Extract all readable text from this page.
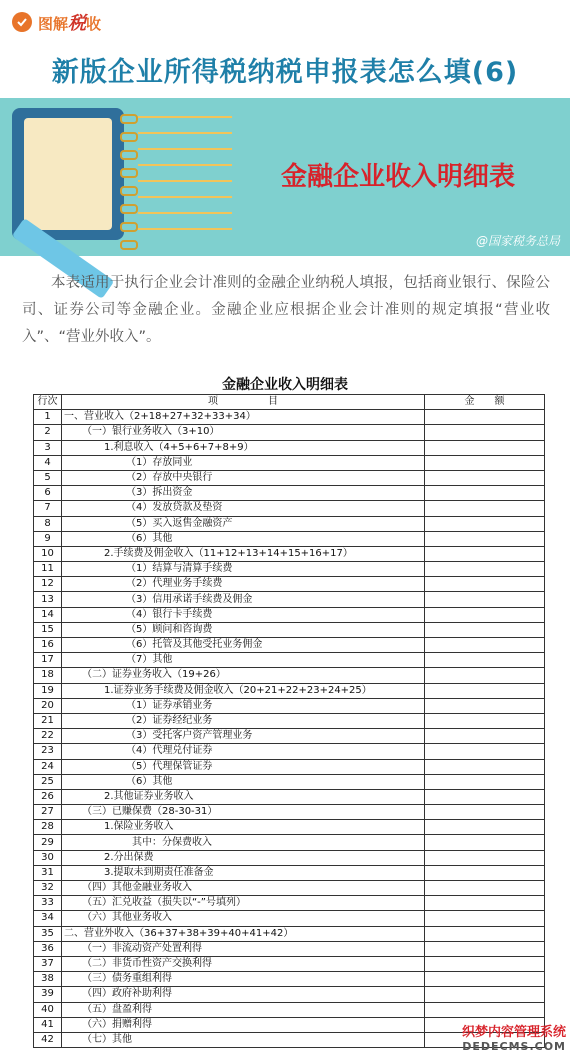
图解税收
新版企业所得税纳税申报表怎么填(6)
金融企业收入明细表
@国家税务总局
本表适用于执行企业会计准则的金融企业纳税人填报，包括商业银行、保险公司、证券公司等金融企业。金融企业应根据企业会计准则的规定填报“营业收入”、“营业外收入”。
金融企业收入明细表
行次	项　　　　　目	金　　额
1	一、营业收入（2+18+27+32+33+34）	
2	（一）银行业务收入（3+10）	
3	1.利息收入（4+5+6+7+8+9）	
4	（1）存放同业	
5	（2）存放中央银行	
6	（3）拆出资金	
7	（4）发放贷款及垫资	
8	（5）买入返售金融资产	
9	（6）其他	
10	2.手续费及佣金收入（11+12+13+14+15+16+17）	
11	（1）结算与清算手续费	
12	（2）代理业务手续费	
13	（3）信用承诺手续费及佣金	
14	（4）银行卡手续费	
15	（5）顾问和咨询费	
16	（6）托管及其他受托业务佣金	
17	（7）其他	
18	（二）证券业务收入（19+26）	
19	1.证券业务手续费及佣金收入（20+21+22+23+24+25）	
20	（1）证券承销业务	
21	（2）证券经纪业务	
22	（3）受托客户资产管理业务	
23	（4）代理兑付证券	
24	（5）代理保管证券	
25	（6）其他	
26	2.其他证券业务收入	
27	（三）已赚保费（28-30-31）	
28	1.保险业务收入	
29	其中：分保费收入	
30	2.分出保费	
31	3.提取未到期责任准备金	
32	（四）其他金融业务收入	
33	（五）汇兑收益（损失以“-”号填列）	
34	（六）其他业务收入	
35	二、营业外收入（36+37+38+39+40+41+42）	
36	（一）非流动资产处置利得	
37	（二）非货币性资产交换利得	
38	（三）债务重组利得	
39	（四）政府补助利得	
40	（五）盘盈利得	
41	（六）捐赠利得	
42	（七）其他		织梦内容管理系统
DEDECMS.COM
